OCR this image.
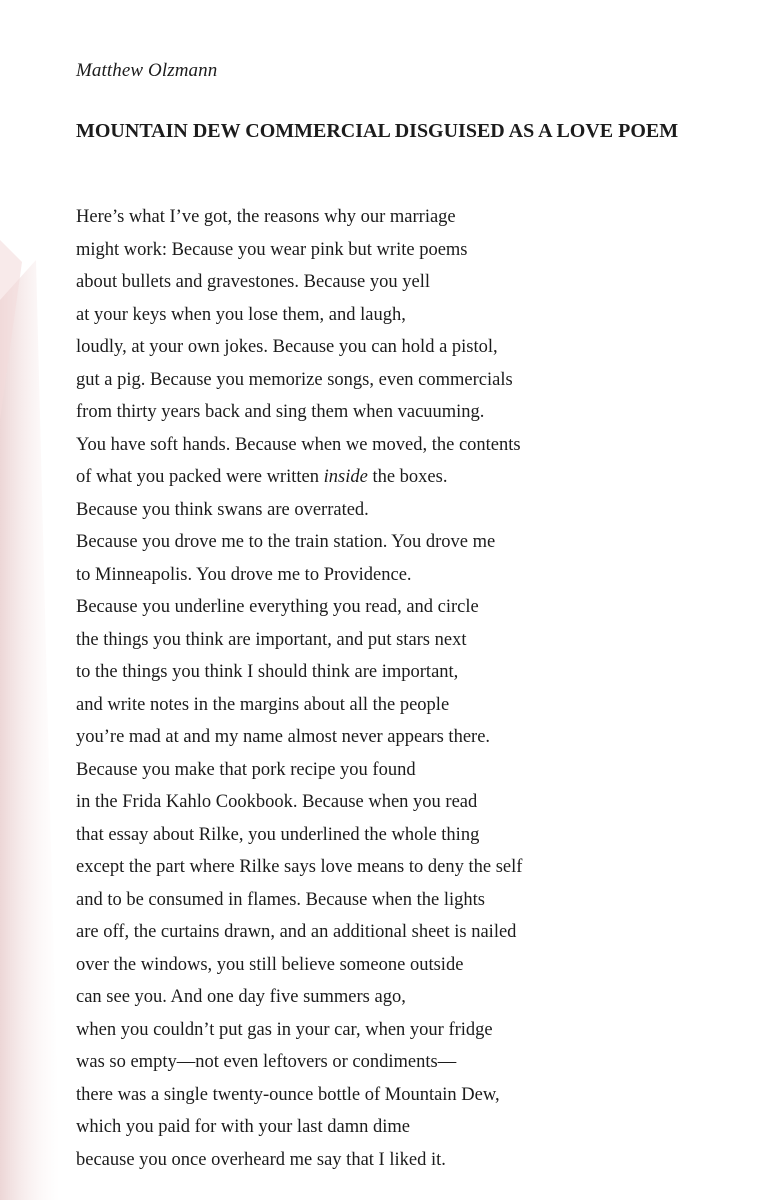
Matthew Olzmann

MOUNTAIN DEW COMMERCIAL DISGUISED AS A LOVE POEM
Here’s what I’ve got, the reasons why our marriage
might work: Because you wear pink but write poems
about bullets and gravestones. Because you yell
at your keys when you lose them, and laugh,
loudly, at your own jokes. Because you can hold a pistol,
gut a pig. Because you memorize songs, even commercials
from thirty years back and sing them when vacuuming.
You have soft hands. Because when we moved, the contents
of what you packed were written inside the boxes.
Because you think swans are overrated.
Because you drove me to the train station. You drove me
to Minneapolis. You drove me to Providence.
Because you underline everything you read, and circle
the things you think are important, and put stars next
to the things you think I should think are important,
and write notes in the margins about all the people
you’re mad at and my name almost never appears there.
Because you make that pork recipe you found
in the Frida Kahlo Cookbook. Because when you read
that essay about Rilke, you underlined the whole thing
except the part where Rilke says love means to deny the self
and to be consumed in flames. Because when the lights
are off, the curtains drawn, and an additional sheet is nailed
over the windows, you still believe someone outside
can see you. And one day five summers ago,
when you couldn’t put gas in your car, when your fridge
was so empty—not even leftovers or condiments—
there was a single twenty-ounce bottle of Mountain Dew,
which you paid for with your last damn dime
because you once overheard me say that I liked it.
